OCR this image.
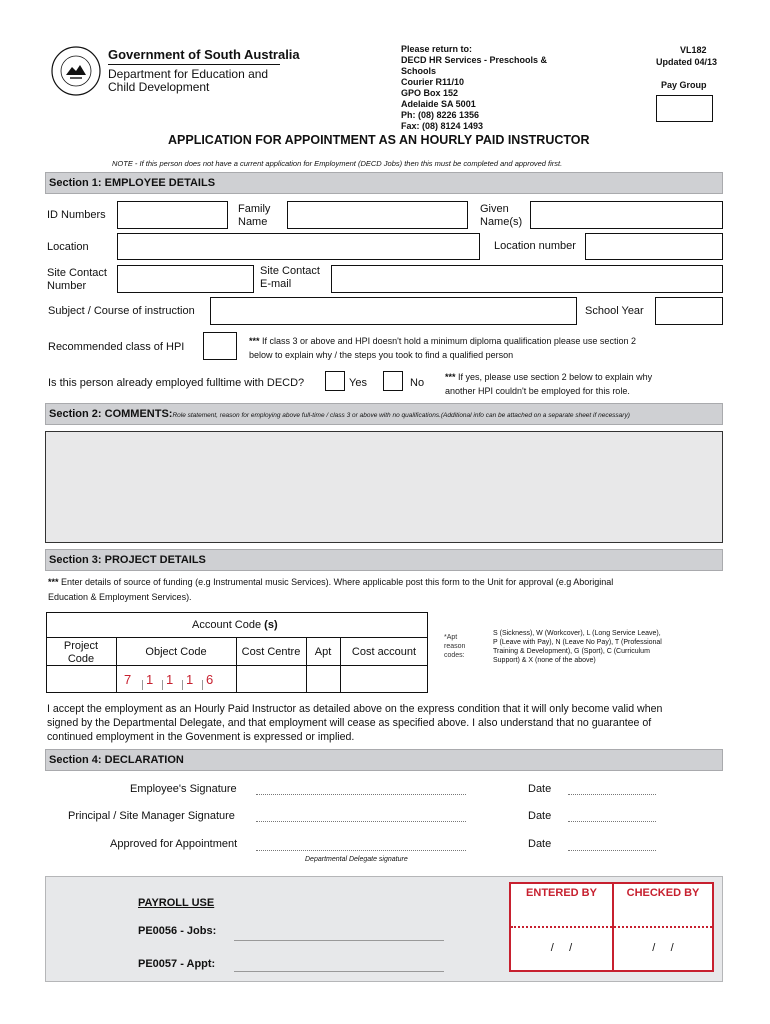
Government of South Australia
Department for Education and
Child Development
Please return to:
DECD HR Services - Preschools &
Schools
Courier R11/10
GPO Box 152
Adelaide SA 5001
Ph: (08) 8226 1356
Fax: (08) 8124 1493
VL182
Updated 04/13
Pay Group
APPLICATION FOR APPOINTMENT AS AN HOURLY PAID INSTRUCTOR
NOTE - If this person does not have a current application for Employment (DECD Jobs) then this must be completed and approved first.
Section 1: EMPLOYEE DETAILS
ID Numbers	Family
Name
Given
Name(s)
Location	Location number
Site Contact
Number
Site Contact
E-mail
Subject / Course of instruction	School Year
Recommended class of HPI	*** If class 3 or above and HPI doesn't hold a minimum diploma qualification please use section 2
below to explain why / the steps you took to find a qualified person
Is this person already employed fulltime with DECD?	Yes	No *** If yes, please use section 2 below to explain why
another HPI couldn't be employed for this role.
Section 2: COMMENTS:Role statement, reason for employing above full-time / class 3 or above with no qualifications.(Additional info can be attached on a separate sheet if necessary)
Section 3: PROJECT DETAILS
*** Enter details of source of funding (e.g Instrumental music Services). Where applicable post this form to the Unit for approval (e.g Aboriginal
Education & Employment Services).
Account Code (s)
Project
Code
Object Code	Cost Centre	Apt	Cost account
7 1 1 1 6
*Apt
reason
codes:
S (Sickness), W (Workcover), L (Long Service Leave),
P (Leave with Pay), N (Leave No Pay), T (Professional
Training & Development), G (Sport), C (Curriculum
Support) & X (none of the above)
I accept the employment as an Hourly Paid Instructor as detailed above on the express condition that it will only become valid when
signed by the Departmental Delegate, and that employment will cease as specified above. I also understand that no guarantee of
continued employment in the Govenment is expressed or implied.
Section 4: DECLARATION
Employee's Signature	Date
Principal / Site Manager Signature	Date
Approved for Appointment	Date
Departmental Delegate signature
PAYROLL USE
PE0056 - Jobs:
PE0057 - Appt:
ENTERED BY	CHECKED BY
/     /	/     /
